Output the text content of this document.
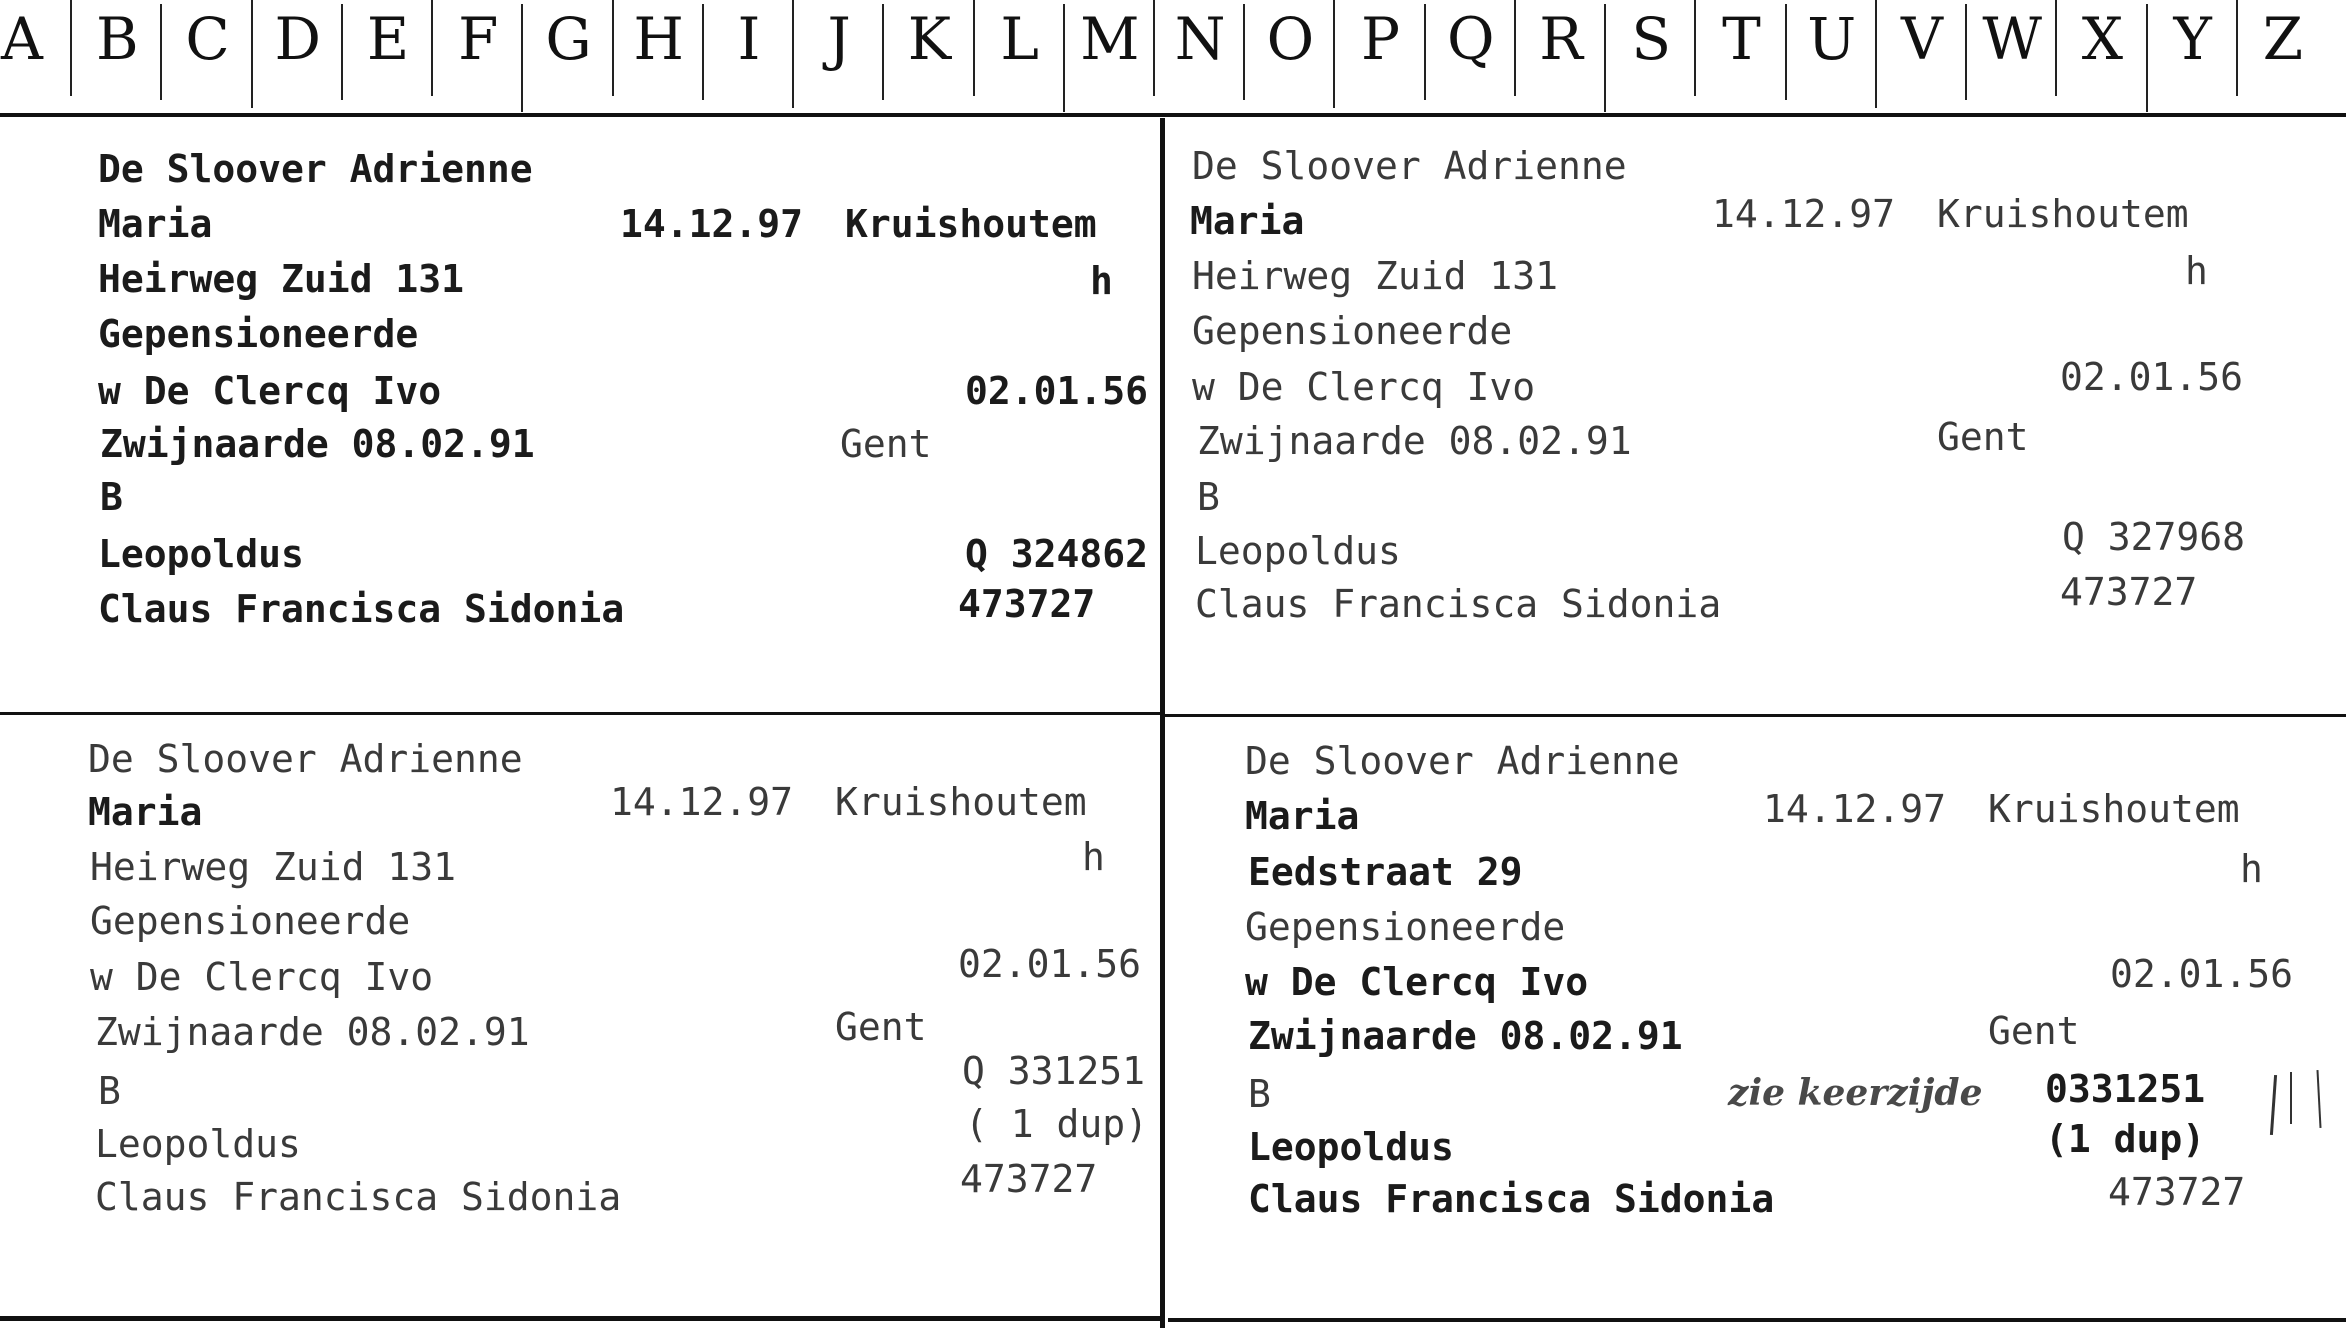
A B C D E F G H I	J K L M N O P Q R S T U V W X Y Z
De Sloover Adrienne
Maria	14.12.97 Kruishoutem
Heirweg Zuid 131	h
Gepensioneerde
w De Clercq Ivo	02.01.56
Zwijnaarde 08.02.91	Gent
B
Leopoldus	Q 324862
Claus Francisca Sidonia	473727
De Sloover Adrienne
Maria	14.12.97 Kruishoutem
Heirweg Zuid 131	h
Gepensioneerde
w De Clercq Ivo	02.01.56
Zwijnaarde 08.02.91	Gent
B
Leopoldus	Q 327968
Claus Francisca Sidonia	473727
De Sloover Adrienne
Maria	14.12.97 Kruishoutem
Heirweg Zuid 131	h
Gepensioneerde
w De Clercq Ivo	02.01.56
Zwijnaarde 08.02.91	Gent
B	Q 331251
Leopoldus	( 1 dup)
Claus Francisca Sidonia	473727
De Sloover Adrienne
Maria	14.12.97 Kruishoutem
Eedstraat 29	h
Gepensioneerde
w De Clercq Ivo	02.01.56
Zwijnaarde 08.02.91	Gent
B	zie keerzijde 0331251
Leopoldus	(1 dup)
Claus Francisca Sidonia	473727
